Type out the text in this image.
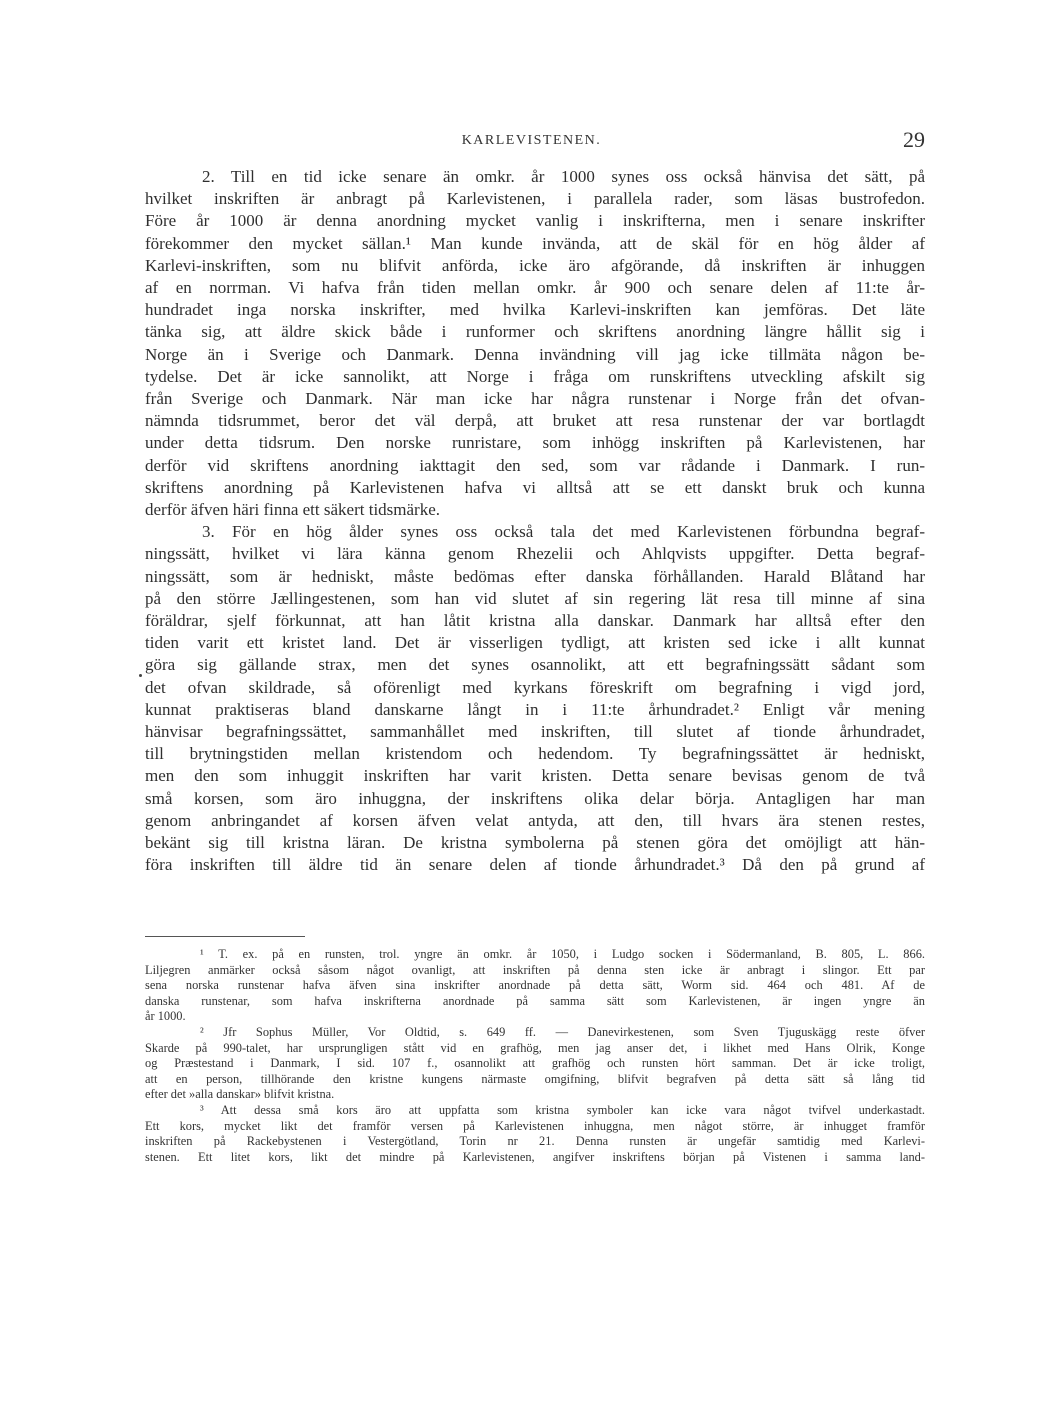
KARLEVISTENEN.	29
2. Till en tid icke senare än omkr. år 1000 synes oss också hänvisa det sätt, på
hvilket inskriften är anbragt på Karlevistenen, i parallela rader, som läsas bustrofedon.
Före år 1000 är denna anordning mycket vanlig i inskrifterna, men i senare inskrifter
förekommer den mycket sällan.¹ Man kunde invända, att de skäl för en hög ålder af
Karlevi-inskriften, som nu blifvit anförda, icke äro afgörande, då inskriften är inhuggen
af en norrman. Vi hafva från tiden mellan omkr. år 900 och senare delen af 11:te år-
hundradet inga norska inskrifter, med hvilka Karlevi-inskriften kan jemföras. Det läte
tänka sig, att äldre skick både i runformer och skriftens anordning längre hållit sig i
Norge än i Sverige och Danmark. Denna invändning vill jag icke tillmäta någon be-
tydelse. Det är icke sannolikt, att Norge i fråga om runskriftens utveckling afskilt sig
från Sverige och Danmark. När man icke har några runstenar i Norge från det ofvan-
nämnda tidsrummet, beror det väl derpå, att bruket att resa runstenar der var bortlagdt
under detta tidsrum. Den norske runristare, som inhögg inskriften på Karlevistenen, har
derför vid skriftens anordning iakttagit den sed, som var rådande i Danmark. I run-
skriftens anordning på Karlevistenen hafva vi alltså att se ett danskt bruk och kunna
derför äfven häri finna ett säkert tidsmärke.
3. För en hög ålder synes oss också tala det med Karlevistenen förbundna begraf-
ningssätt, hvilket vi lära känna genom Rhezelii och Ahlqvists uppgifter. Detta begraf-
ningssätt, som är hedniskt, måste bedömas efter danska förhållanden. Harald Blåtand har
på den större Jællingestenen, som han vid slutet af sin regering lät resa till minne af sina
föräldrar, sjelf förkunnat, att han låtit kristna alla danskar. Danmark har alltså efter den
tiden varit ett kristet land. Det är visserligen tydligt, att kristen sed icke i allt kunnat
göra sig gällande strax, men det synes osannolikt, att ett begrafningssätt sådant som
det ofvan skildrade, så oförenligt med kyrkans föreskrift om begrafning i vigd jord,
kunnat praktiseras bland danskarne långt in i 11:te århundradet.² Enligt vår mening
hänvisar begrafningssättet, sammanhållet med inskriften, till slutet af tionde århundradet,
till brytningstiden mellan kristendom och hedendom. Ty begrafningssättet är hedniskt,
men den som inhuggit inskriften har varit kristen. Detta senare bevisas genom de två
små korsen, som äro inhuggna, der inskriftens olika delar börja. Antagligen har man
genom anbringandet af korsen äfven velat antyda, att den, till hvars ära stenen restes,
bekänt sig till kristna läran. De kristna symbolerna på stenen göra det omöjligt att hän-
föra inskriften till äldre tid än senare delen af tionde århundradet.³ Då den på grund af
¹ T. ex. på en runsten, trol. yngre än omkr. år 1050, i Ludgo socken i Södermanland, B. 805, L. 866.
Liljegren anmärker också såsom något ovanligt, att inskriften på denna sten icke är anbragt i slingor. Ett par
sena norska runstenar hafva äfven sina inskrifter anordnade på detta sätt, Worm sid. 464 och 481. Af de
danska runstenar, som hafva inskrifterna anordnade på samma sätt som Karlevistenen, är ingen yngre än
år 1000.
² Jfr Sophus Müller, Vor Oldtid, s. 649 ff. — Danevirkestenen, som Sven Tjuguskägg reste öfver
Skarde på 990-talet, har ursprungligen stått vid en grafhög, men jag anser det, i likhet med Hans Olrik, Konge
og Præstestand i Danmark, I sid. 107 f., osannolikt att grafhög och runsten hört samman. Det är icke troligt,
att en person, tillhörande den kristne kungens närmaste omgifning, blifvit begrafven på detta sätt så lång tid
efter det »alla danskar» blifvit kristna.
³ Att dessa små kors äro att uppfatta som kristna symboler kan icke vara något tvifvel underkastadt.
Ett kors, mycket likt det framför versen på Karlevistenen inhuggna, men något större, är inhugget framför
inskriften på Rackebystenen i Vestergötland, Torin nr 21. Denna runsten är ungefär samtidig med Karlevi-
stenen. Ett litet kors, likt det mindre på Karlevistenen, angifver inskriftens början på Vistenen i samma land-
